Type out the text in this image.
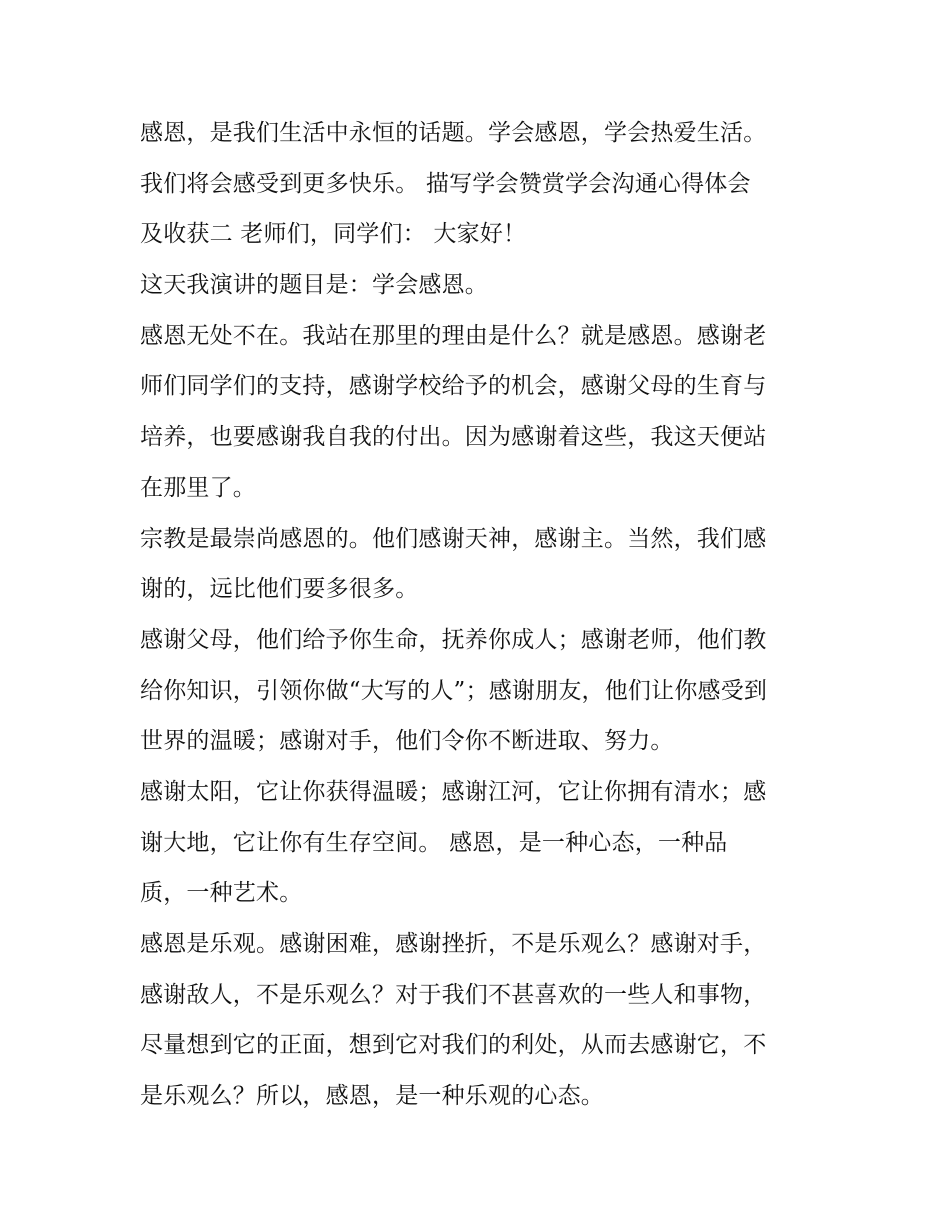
感恩，是我们生活中永恒的话题。学会感恩，学会热爱生活。
我们将会感受到更多快乐。 描写学会赞赏学会沟通心得体会
及收获二 老师们，同学们： 大家好！
这天我演讲的题目是：学会感恩。
感恩无处不在。我站在那里的理由是什么？就是感恩。感谢老
师们同学们的支持，感谢学校给予的机会，感谢父母的生育与
培养，也要感谢我自我的付出。因为感谢着这些，我这天便站
在那里了。
宗教是最崇尚感恩的。他们感谢天神，感谢主。当然，我们感
谢的，远比他们要多很多。
感谢父母，他们给予你生命，抚养你成人；感谢老师，他们教
给你知识，引领你做“大写的人”；感谢朋友，他们让你感受到
世界的温暖；感谢对手，他们令你不断进取、努力。
感谢太阳，它让你获得温暖；感谢江河，它让你拥有清水；感
谢大地，它让你有生存空间。 感恩，是一种心态，一种品
质，一种艺术。
感恩是乐观。感谢困难，感谢挫折，不是乐观么？感谢对手，
感谢敌人，不是乐观么？对于我们不甚喜欢的一些人和事物，
尽量想到它的正面，想到它对我们的利处，从而去感谢它，不
是乐观么？所以，感恩，是一种乐观的心态。
